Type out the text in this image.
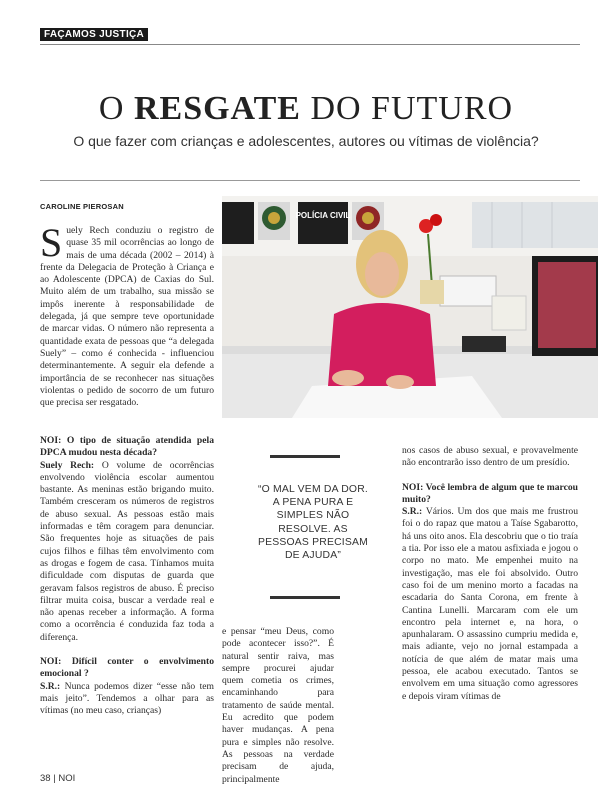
FAÇAMOS JUSTIÇA
O RESGATE DO FUTURO
O que fazer com crianças e adolescentes, autores ou vítimas de violência?
CAROLINE PIEROSAN
Suely Rech conduziu o registro de quase 35 mil ocorrências ao longo de mais de uma década (2002 – 2014) à frente da Delegacia de Proteção à Criança e ao Adolescente (DPCA) de Caxias do Sul. Muito além de um trabalho, sua missão se impôs inerente à responsabilidade de delegada, já que sempre teve oportunidade de marcar vidas. O número não representa a quantidade exata de pessoas que “a delegada Suely” – como é conhecida - influenciou determinantemente. A seguir ela defende a importância de se reconhecer nas situações violentas o pedido de socorro de um futuro que precisa ser resgatado.

NOI: O tipo de situação atendida pela DPCA mudou nesta década?
Suely Rech: O volume de ocorrências envolvendo violência escolar aumentou bastante. As meninas estão brigando muito. Também cresceram os números de registros de abuso sexual. As pessoas estão mais informadas e têm coragem para denunciar. São frequentes hoje as situações de pais cujos filhos e filhas têm envolvimento com as drogas e fogem de casa. Tínhamos muita dificuldade com disputas de guarda que geravam falsos registros de abuso. É preciso filtrar muita coisa, buscar a verdade real e não apenas receber a informação. A forma como a ocorrência é conduzida faz toda a diferença.

NOI: Difícil conter o envolvimento emocional ?
S.R.: Nunca podemos dizer “esse não tem mais jeito”. Tendemos a olhar para as vítimas (no meu caso, crianças)

POLÍCIA CIVIL
“O MAL VEM DA DOR. A PENA PURA E SIMPLES NÃO RESOLVE. AS PESSOAS PRECISAM DE AJUDA”
e pensar “meu Deus, como pode acontecer isso?”. É natural sentir raiva, mas sempre procurei ajudar quem cometia os crimes, encaminhando para tratamento de saúde mental. Eu acredito que podem haver mudanças. A pena pura e simples não resolve. As pessoas na verdade precisam de ajuda, principalmente

nos casos de abuso sexual, e provavelmente não encontrarão isso dentro de um presídio.

NOI: Você lembra de algum que te marcou muito?
S.R.: Vários. Um dos que mais me frustrou foi o do rapaz que matou a Taíse Sgabarotto, há uns oito anos. Ela descobriu que o tio traía a tia. Por isso ele a matou asfixiada e jogou o corpo no mato. Me empenhei muito na investigação, mas ele foi absolvido. Outro caso foi de um menino morto a facadas na escadaria do Santa Corona, em frente à Cantina Lunelli. Marcaram com ele um encontro pela internet e, na hora, o apunhalaram. O assassino cumpriu medida e, mais adiante, vejo no jornal estampada a notícia de que além de matar mais uma pessoa, ele acabou executado. Tantos se envolvem em uma situação como agressores e depois viram vítimas de

38 | NOI
